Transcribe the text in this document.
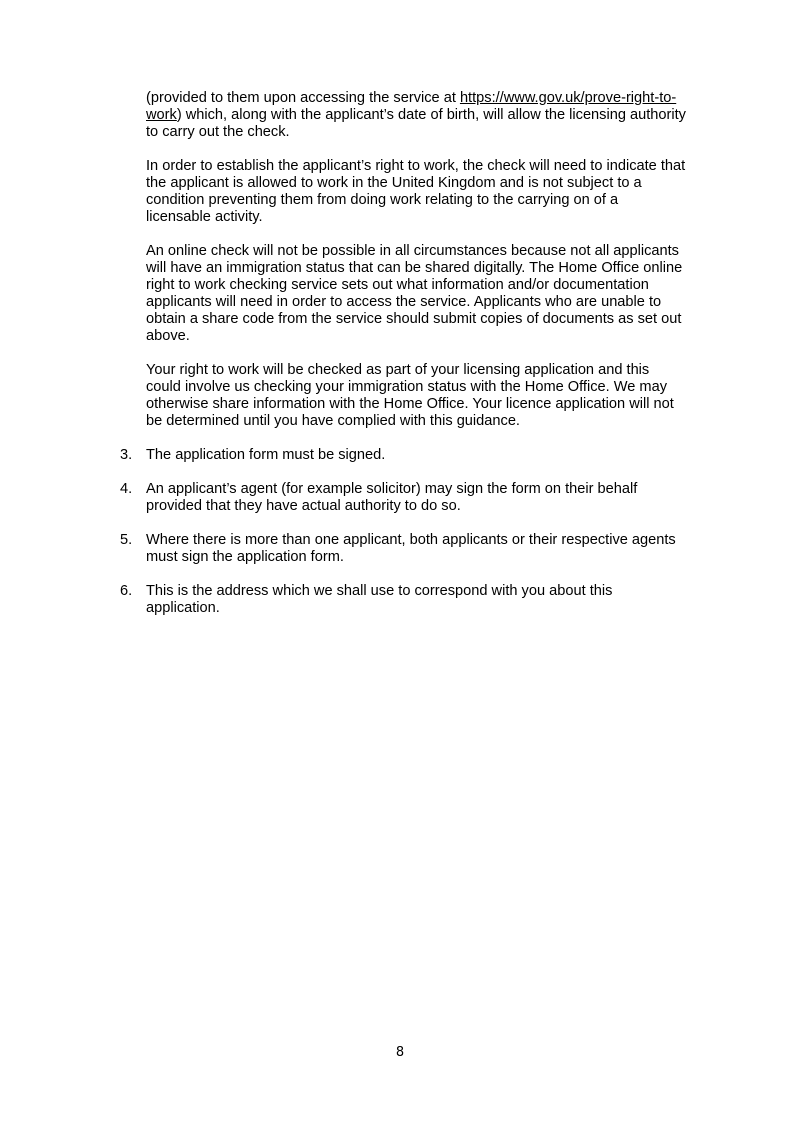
(provided to them upon accessing the service at https://www.gov.uk/prove-right-to-work) which, along with the applicant’s date of birth, will allow the licensing authority to carry out the check.

In order to establish the applicant’s right to work, the check will need to indicate that the applicant is allowed to work in the United Kingdom and is not subject to a condition preventing them from doing work relating to the carrying on of a licensable activity.

An online check will not be possible in all circumstances because not all applicants will have an immigration status that can be shared digitally. The Home Office online right to work checking service sets out what information and/or documentation applicants will need in order to access the service. Applicants who are unable to obtain a share code from the service should submit copies of documents as set out above.

Your right to work will be checked as part of your licensing application and this could involve us checking your immigration status with the Home Office. We may otherwise share information with the Home Office. Your licence application will not be determined until you have complied with this guidance.

3. The application form must be signed.
4. An applicant’s agent (for example solicitor) may sign the form on their behalf provided that they have actual authority to do so.
5. Where there is more than one applicant, both applicants or their respective agents must sign the application form.
6. This is the address which we shall use to correspond with you about this application.
8
